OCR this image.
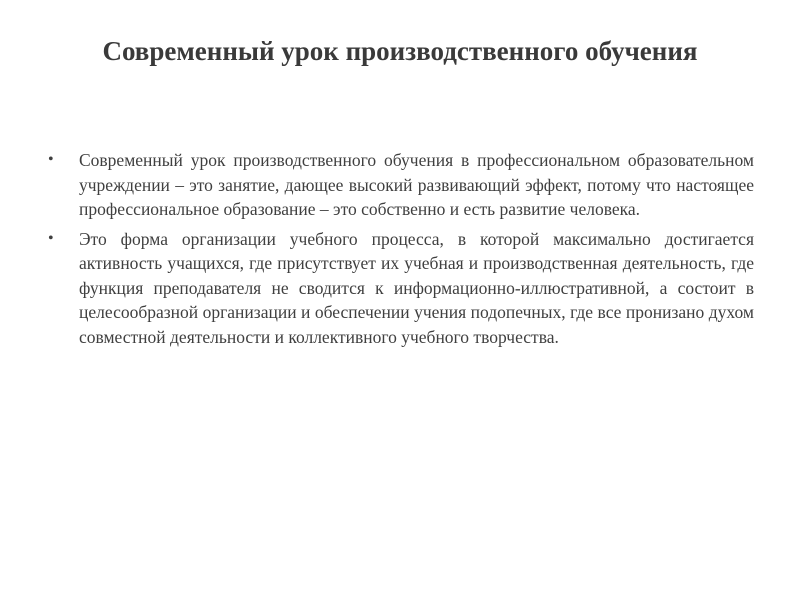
Современный урок производственного обучения
•	Современный урок производственного обучения в профессиональном образовательном учреждении – это занятие, дающее высокий развивающий эффект, потому что настоящее профессиональное образование – это собственно и есть развитие человека.
•	Это форма организации учебного процесса, в которой максимально достигается активность учащихся, где присутствует их учебная и производственная деятельность, где функция преподавателя не сводится к информационно-иллюстративной, а состоит в целесообразной организации и обеспечении учения подопечных, где все пронизано духом совместной деятельности и коллективного учебного творчества.
